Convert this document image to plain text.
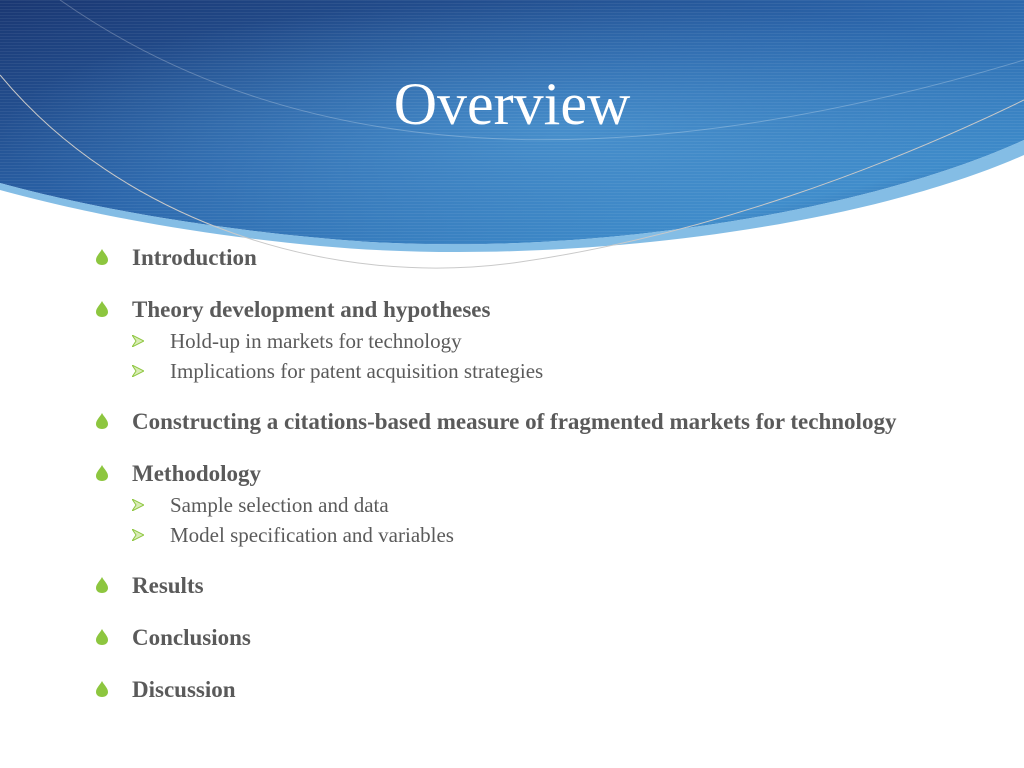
Overview
Introduction
Theory development and hypotheses
Hold-up in markets for technology
Implications for patent acquisition strategies
Constructing a citations-based measure of fragmented markets for technology
Methodology
Sample selection and data
Model specification and variables
Results
Conclusions
Discussion
